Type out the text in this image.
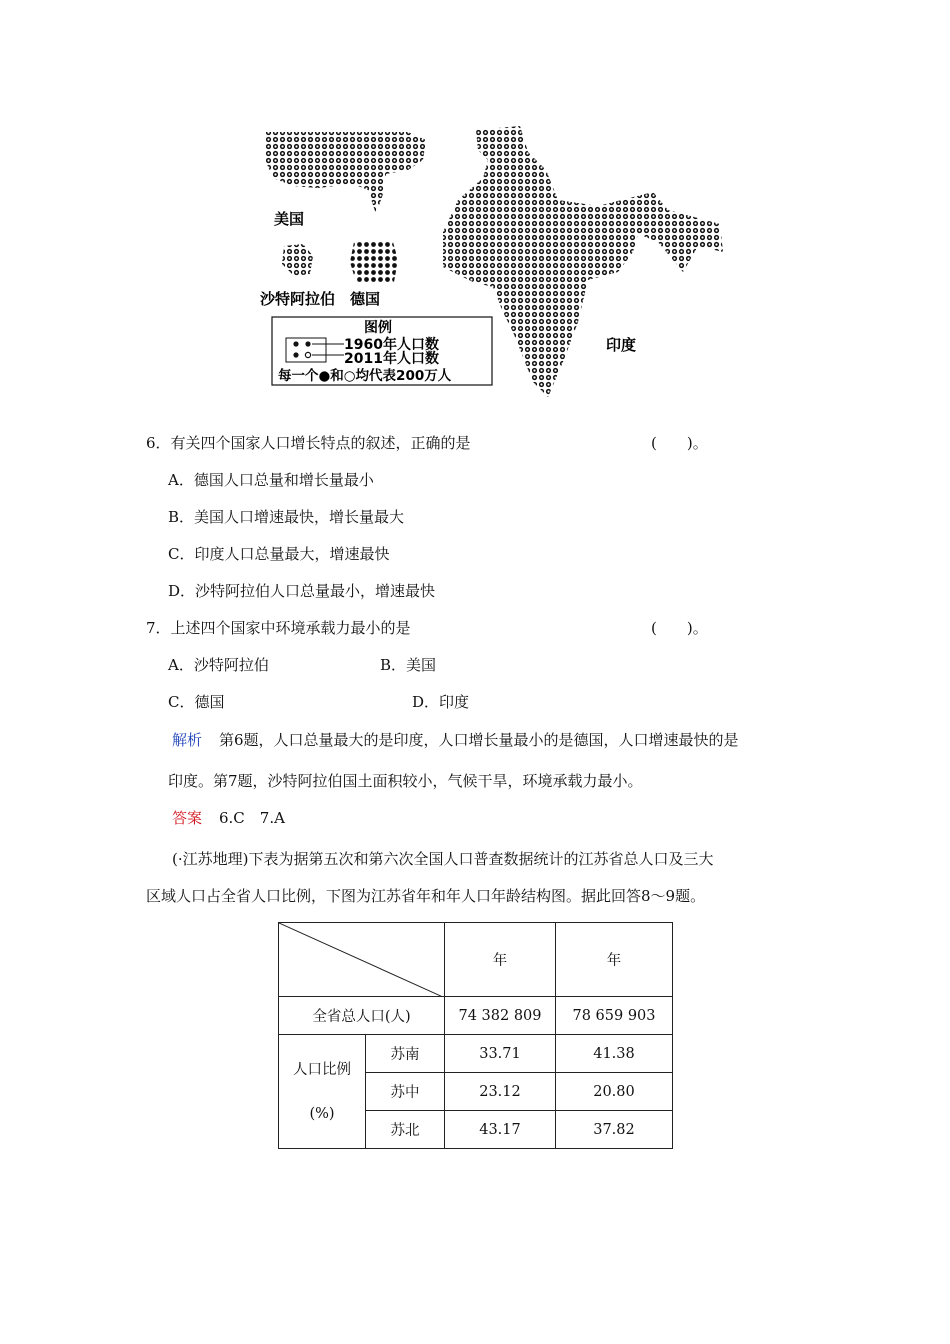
美国
沙特阿拉伯 德国
印度
图例
1960年人口数
2011年人口数
每一个●和○均代表200万人
6．有关四个国家人口增长特点的叙述，正确的是	(　　)。
A．德国人口总量和增长量最小
B．美国人口增速最快，增长量最大
C．印度人口总量最大，增速最快
D．沙特阿拉伯人口总量最小，增速最快
7．上述四个国家中环境承载力最小的是	(　　)。
A．沙特阿拉伯	B．美国
C．德国	D．印度
解析 第6题，人口总量最大的是印度，人口增长量最小的是德国，人口增速最快的是
印度。第7题，沙特阿拉伯国土面积较小，气候干旱，环境承载力最小。
答案 6.C　7.A
(·江苏地理)下表为据第五次和第六次全国人口普查数据统计的江苏省总人口及三大
区域人口占全省人口比例，下图为江苏省年和年人口年龄结构图。据此回答8～9题。
	年	年
全省总人口(人)		74 382 809	78 659 903

人口比例
(%)	苏南	33.71	41.38
	苏中	23.12	20.80
	苏北	43.17	37.82
